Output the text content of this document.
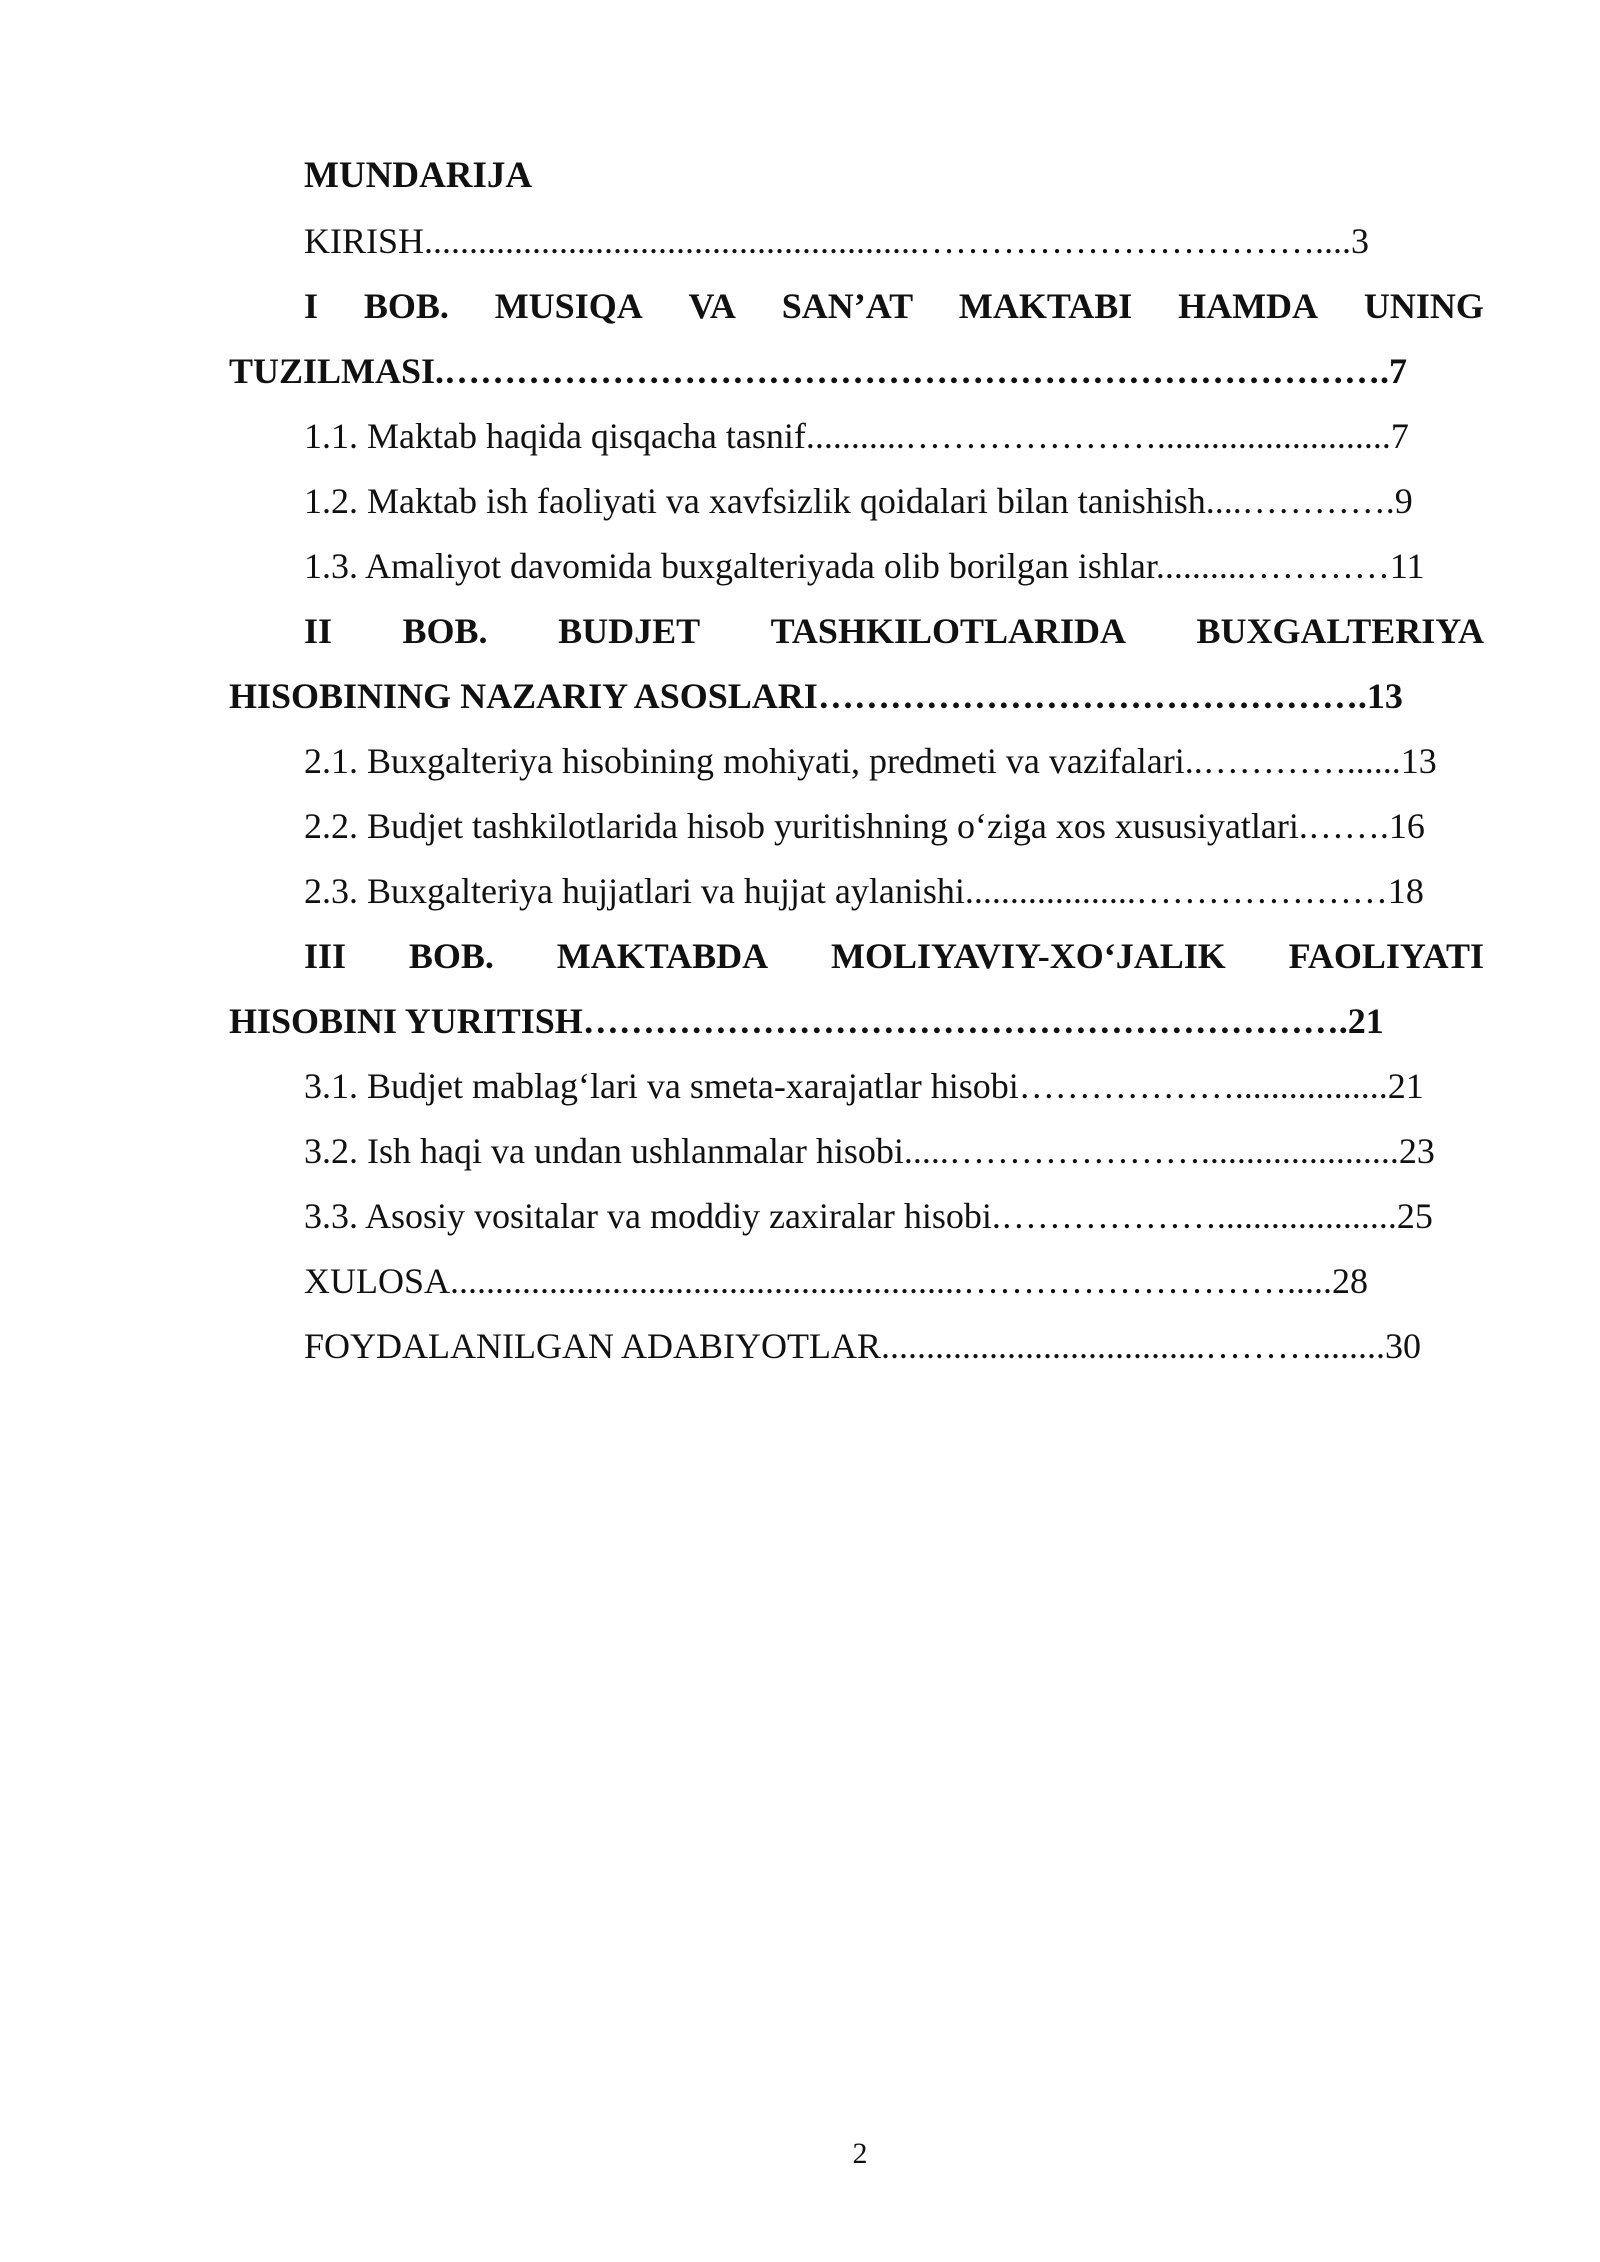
MUNDARIJA
KIRISH.......................................................……………………………....3
I BOB. MUSIQA VA SAN’AT MAKTABI HAMDA UNING
TUZILMASI.…………………………………………………………………….7
1.1. Maktab haqida qisqacha tasnif...........…………………..........................7
1.2. Maktab ish faoliyati va xavfsizlik qoidalari bilan tanishish....………….9
1.3. Amaliyot davomida buxgalteriyada olib borilgan ishlar..........…………11
II BOB. BUDJET TASHKILOTLARIDA BUXGALTERIYA
HISOBINING NAZARIY ASOSLARI……………………………………….13
2.1. Buxgalteriya hisobining mohiyati, predmeti va vazifalari..…………......13
2.2. Budjet tashkilotlarida hisob yuritishning o‘ziga xos xususiyatlari.…….16
2.3. Buxgalteriya hujjatlari va hujjat aylanishi...................…………………18
III BOB. MAKTABDA MOLIYAVIY-XO‘JALIK FAOLIYATI
HISOBINI YURITISH……………………………………………………….21
3.1. Budjet mablag‘lari va smeta-xarajatlar hisobi……………….................21
3.2. Ish haqi va undan ushlanmalar hisobi.....…………………......................23
3.3. Asosiy vositalar va moddiy zaxiralar hisobi.………………....................25
XULOSA.........................................................……………………….....28
FOYDALANILGAN ADABIYOTLAR....................................………........30
2
